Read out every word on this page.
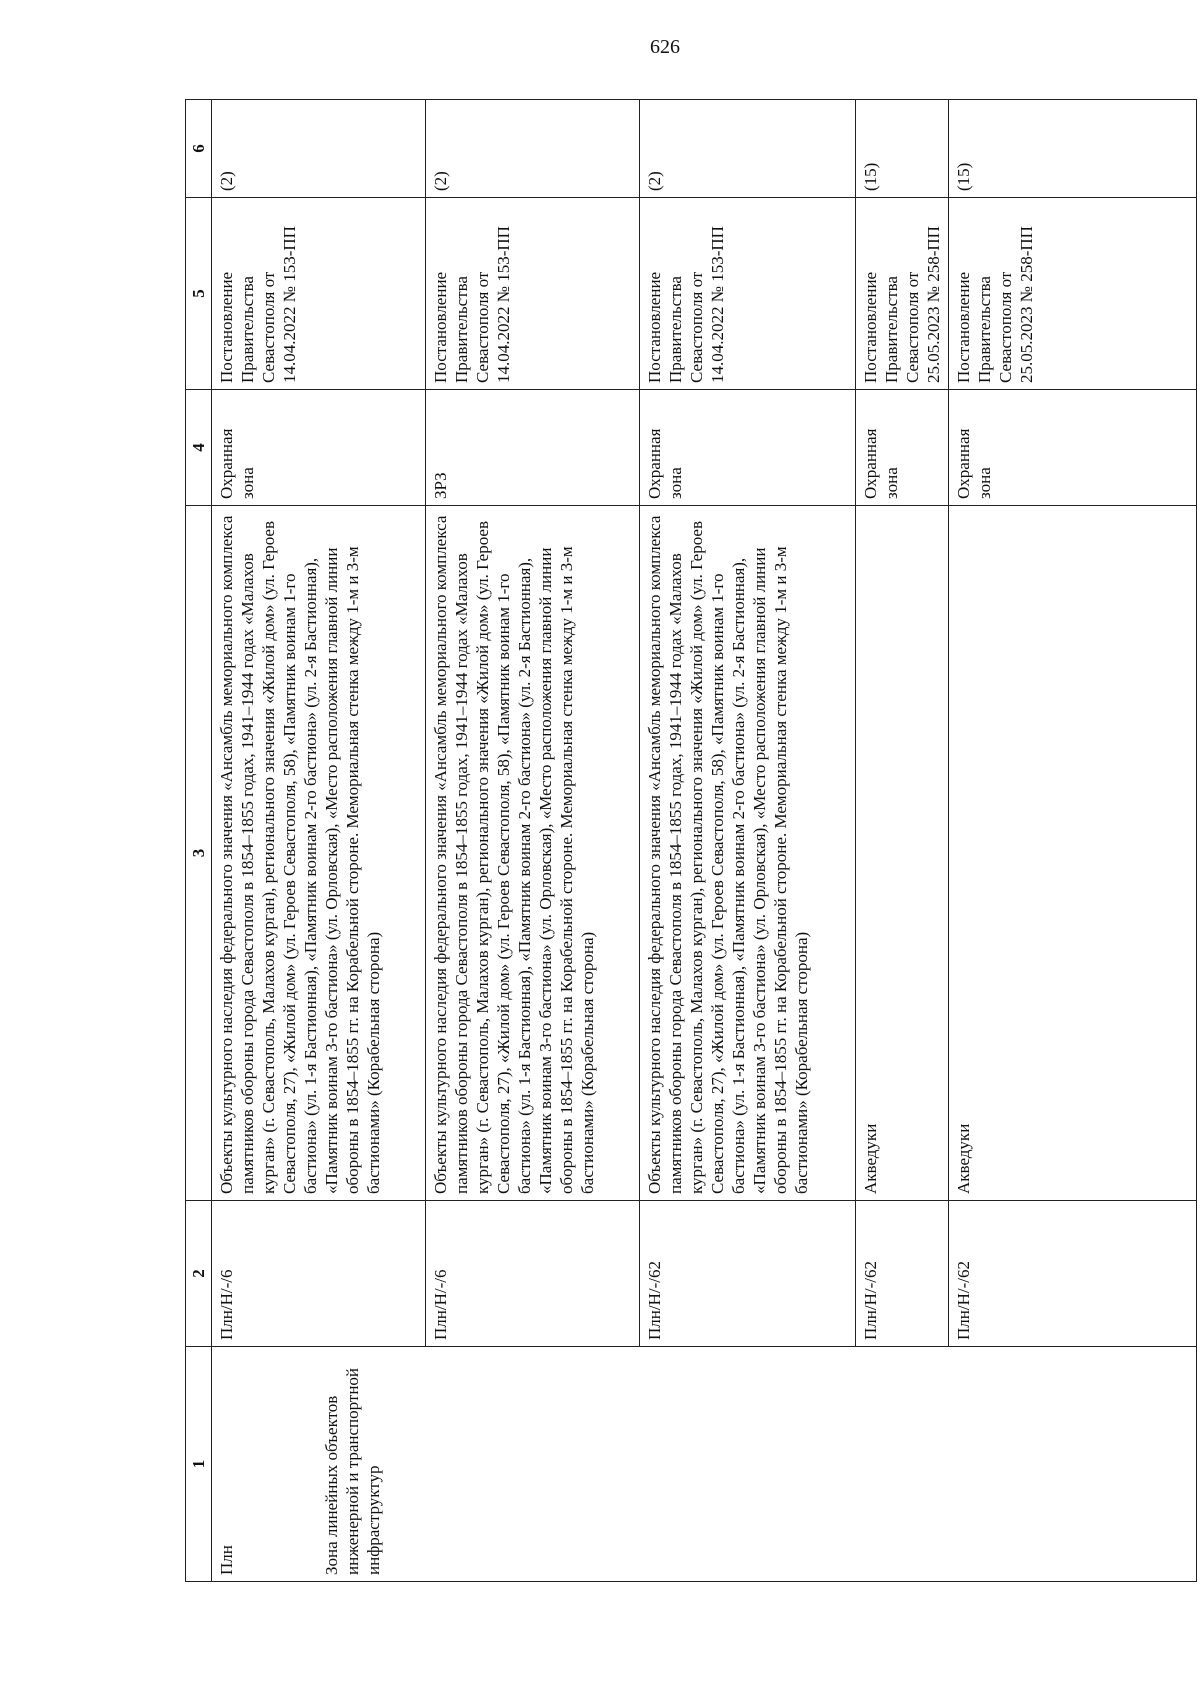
626
1	2	3	4	5	6

Плн Зона линейных объектов инженерной и транспортной инфраструктур	Плн/Н/-/6	Объекты культурного наследия федерального значения «Ансамбль мемориального комплекса памятников обороны города Севастополя в 1854–1855 годах, 1941–1944 годах «Малахов курган» (г. Севастополь, Малахов курган), регионального значения «Жилой дом» (ул. Героев Севастополя, 27), «Жилой дом» (ул. Героев Севастополя, 58), «Памятник воинам 1-го бастиона» (ул. 1-я Бастионная), «Памятник воинам 2-го бастиона» (ул. 2-я Бастионная), «Памятник воинам 3-го бастиона» (ул. Орловская), «Место расположения главной линии обороны в 1854–1855 гг. на Корабельной стороне. Мемориальная стенка между 1-м и 3-м бастионами» (Корабельная сторона)	Охранная зона	Постановление Правительства Севастополя от 14.04.2022 № 153-ПП	(2)
	Плн/Н/-/6	Объекты культурного наследия федерального значения «Ансамбль мемориального комплекса памятников обороны города Севастополя в 1854–1855 годах, 1941–1944 годах «Малахов курган» (г. Севастополь, Малахов курган), регионального значения «Жилой дом» (ул. Героев Севастополя, 27), «Жилой дом» (ул. Героев Севастополя, 58), «Памятник воинам 1-го бастиона» (ул. 1-я Бастионная), «Памятник воинам 2-го бастиона» (ул. 2-я Бастионная), «Памятник воинам 3-го бастиона» (ул. Орловская), «Место расположения главной линии обороны в 1854–1855 гг. на Корабельной стороне. Мемориальная стенка между 1-м и 3-м бастионами» (Корабельная сторона)	ЗРЗ	Постановление Правительства Севастополя от 14.04.2022 № 153-ПП	(2)
	Плн/Н/-/62	Объекты культурного наследия федерального значения «Ансамбль мемориального комплекса памятников обороны города Севастополя в 1854–1855 годах, 1941–1944 годах «Малахов курган» (г. Севастополь, Малахов курган), регионального значения «Жилой дом» (ул. Героев Севастополя, 27), «Жилой дом» (ул. Героев Севастополя, 58), «Памятник воинам 1-го бастиона» (ул. 1-я Бастионная), «Памятник воинам 2-го бастиона» (ул. 2-я Бастионная), «Памятник воинам 3-го бастиона» (ул. Орловская), «Место расположения главной линии обороны в 1854–1855 гг. на Корабельной стороне. Мемориальная стенка между 1-м и 3-м бастионами» (Корабельная сторона)	Охранная зона	Постановление Правительства Севастополя от 14.04.2022 № 153-ПП	(2)
	Плн/Н/-/62	Акведуки	Охранная зона	Постановление Правительства Севастополя от 25.05.2023 № 258-ПП	(15)
	Плн/Н/-/62	Акведуки	Охранная зона	Постановление Правительства Севастополя от 25.05.2023 № 258-ПП	(15)
